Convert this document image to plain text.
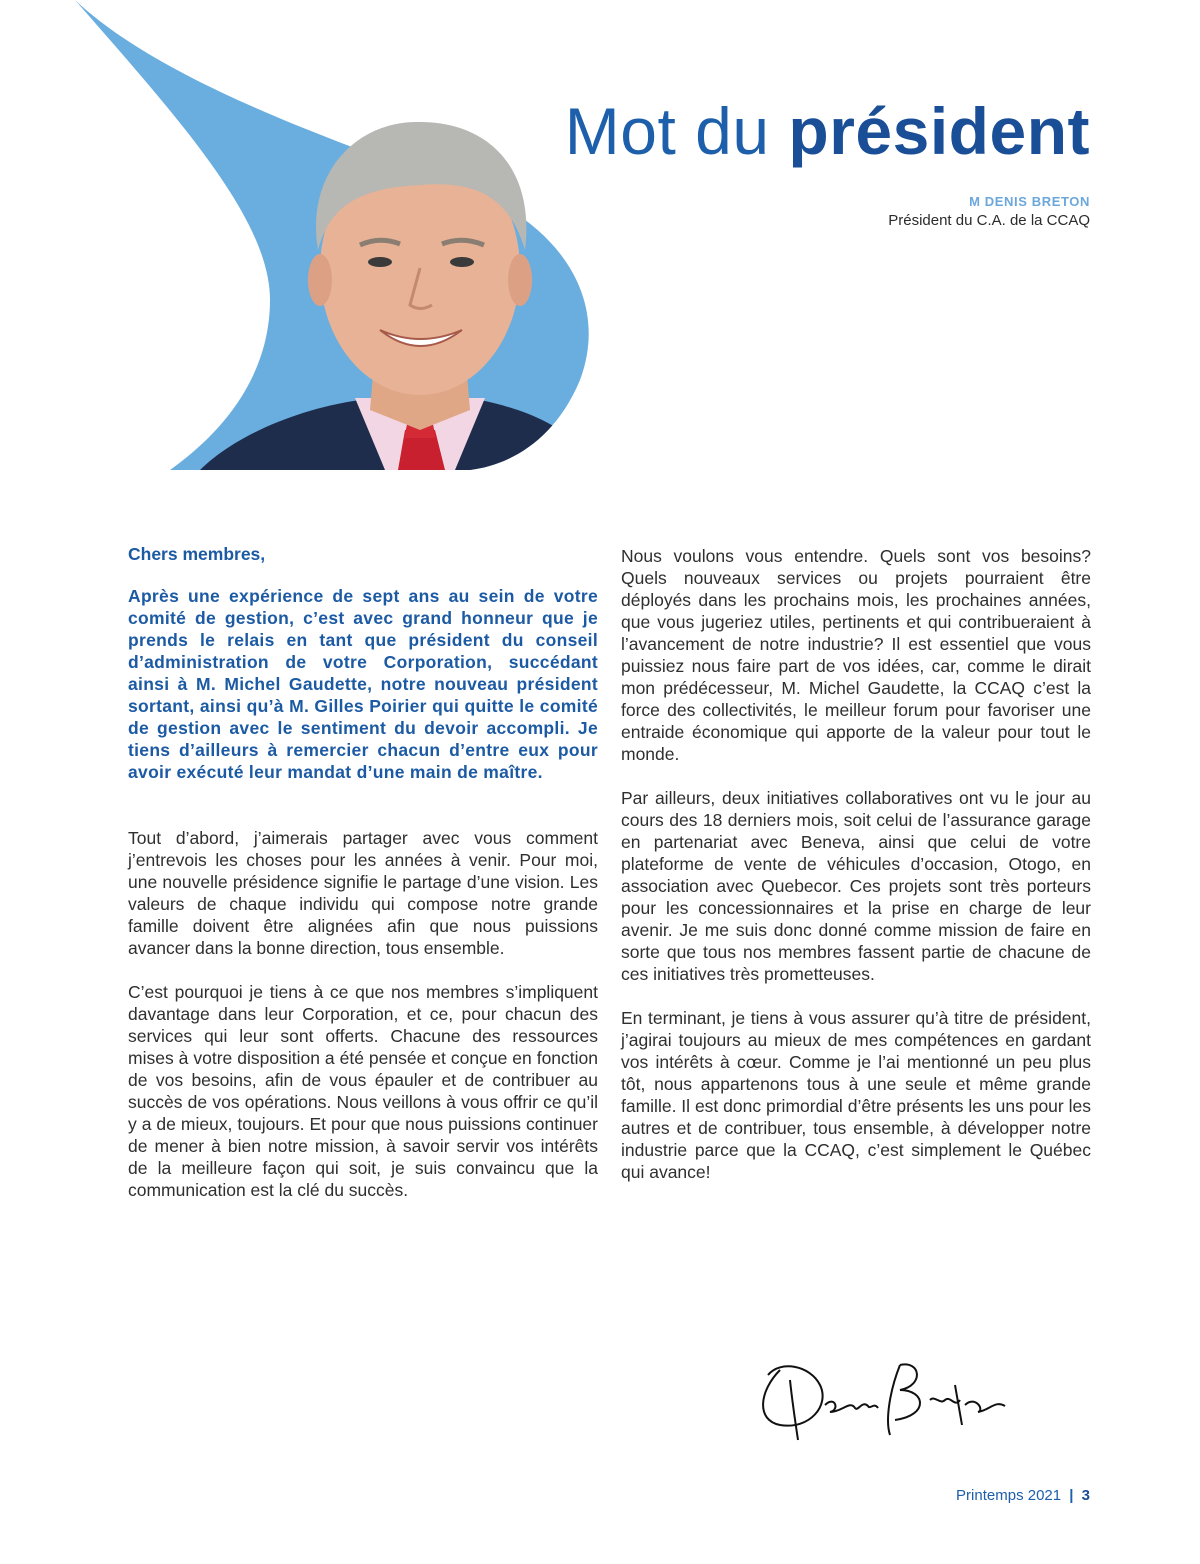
Mot du président
M DENIS BRETON
Président du C.A. de la CCAQ

Chers membres,

Après une expérience de sept ans au sein de votre comité de gestion, c’est avec grand honneur que je prends le relais en tant que président du conseil d’administration de votre Corporation, succédant ainsi à M. Michel Gaudette, notre nouveau président sortant, ainsi qu’à M. Gilles Poirier qui quitte le comité de gestion avec le sentiment du devoir accompli. Je tiens d’ailleurs à remercier chacun d’entre eux pour avoir exécuté leur mandat d’une main de maître.

Tout d’abord, j’aimerais partager avec vous comment j’entrevois les choses pour les années à venir. Pour moi, une nouvelle présidence signifie le partage d’une vision. Les valeurs de chaque individu qui compose notre grande famille doivent être alignées afin que nous puissions avancer dans la bonne direction, tous ensemble.

C’est pourquoi je tiens à ce que nos membres s’impliquent davantage dans leur Corporation, et ce, pour chacun des services qui leur sont offerts. Chacune des ressources mises à votre disposition a été pensée et conçue en fonction de vos besoins, afin de vous épauler et de contribuer au succès de vos opérations. Nous veillons à vous offrir ce qu’il y a de mieux, toujours. Et pour que nous puissions continuer de mener à bien notre mission, à savoir servir vos intérêts de la meilleure façon qui soit, je suis convaincu que la communication est la clé du succès.

Nous voulons vous entendre. Quels sont vos besoins? Quels nouveaux services ou projets pourraient être déployés dans les prochains mois, les prochaines années, que vous jugeriez utiles, pertinents et qui contribueraient à l’avancement de notre industrie? Il est essentiel que vous puissiez nous faire part de vos idées, car, comme le dirait mon prédécesseur, M. Michel Gaudette, la CCAQ c’est la force des collectivités, le meilleur forum pour favoriser une entraide économique qui apporte de la valeur pour tout le monde.

Par ailleurs, deux initiatives collaboratives ont vu le jour au cours des 18 derniers mois, soit celui de l’assurance garage en partenariat avec Beneva, ainsi que celui de votre plateforme de vente de véhicules d’occasion, Otogo, en association avec Quebecor. Ces projets sont très porteurs pour les concessionnaires et la prise en charge de leur avenir. Je me suis donc donné comme mission de faire en sorte que tous nos membres fassent partie de chacune de ces initiatives très prometteuses.

En terminant, je tiens à vous assurer qu’à titre de président, j’agirai toujours au mieux de mes compétences en gardant vos intérêts à cœur. Comme je l’ai mentionné un peu plus tôt, nous appartenons tous à une seule et même grande famille. Il est donc primordial d’être présents les uns pour les autres et de contribuer, tous ensemble, à développer notre industrie parce que la CCAQ, c’est simplement le Québec qui avance!

Printemps 2021 | 3
